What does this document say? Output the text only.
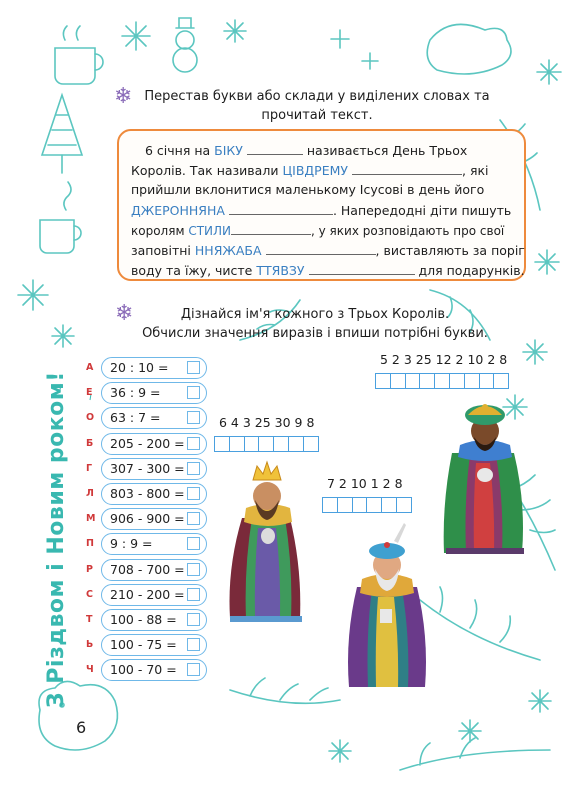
❄
❄
Перестав букви або склади у виділених словах та
прочитай текст.
6 січня на БІКУ	називається День Трьох
Королів. Так називали ЦІВДРЕМУ	, які
прийшли вклонитися маленькому Ісусові в день його
ДЖЕРОННЯНА	. Напередодні діти пишуть
королям СТИЛИ	, у яких розповідають про свої
заповітні ННЯЖАБА	, виставляють за поріг
воду та їжу, чисте ТТЯВЗУ	для подарунків.
Дізнайся ім'я кожного з Трьох Королів.
Обчисли значення виразів і впиши потрібні букви.
А	20 : 10 =
Е	36 : 9 =
О	63 : 7 =
Б	205 - 200 =
Г	307 - 300 =
Л	803 - 800 =
М	906 - 900 =
П	9 : 9 =
Р	708 - 700 =
С	210 - 200 =
Т	100 - 88 =
Ь	100 - 75 =
Ч	100 - 70 =
5 2 3 25 12 2 10 2 8
6 4 3 25 30 9 8
7 2 10 1 2 8
З Різдвом і Новим роком!
6
